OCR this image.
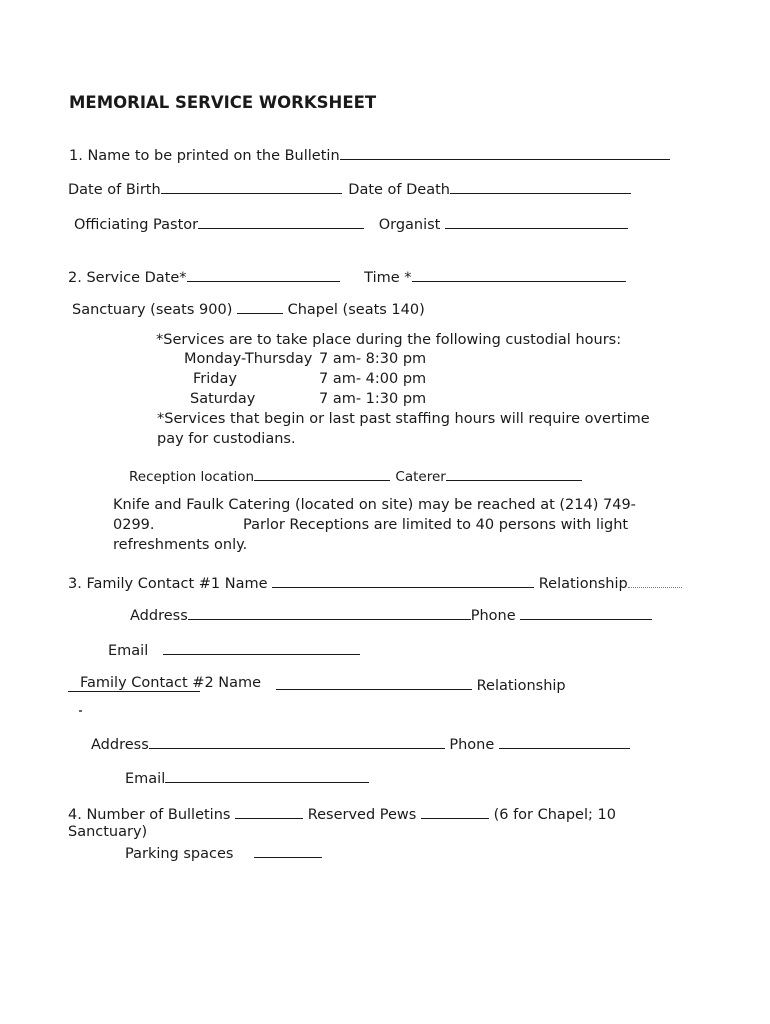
MEMORIAL SERVICE WORKSHEET
1. Name to be printed on the Bulletin
Date of Birth	Date of Death
Officiating Pastor	Organist
2. Service Date*	Time *
Sanctuary (seats 900)	Chapel (seats 140)
*Services are to take place during the following custodial hours:
Monday-Thursday 7 am- 8:30 pm
Friday	7 am- 4:00 pm
Saturday	7 am- 1:30 pm
*Services that begin or last past staffing hours will require overtime
pay for custodians.
Reception location	Caterer
Knife and Faulk Catering (located on site) may be reached at (214) 749-
0299.	Parlor Receptions are limited to 40 persons with light
refreshments only.
3. Family Contact #1 Name	Relationship
Address	Phone
Email
Family Contact #2 Name	Relationship
Address	Phone
Email
4. Number of Bulletins	Reserved Pews	(6 for Chapel; 10
Sanctuary)
Parking spaces
